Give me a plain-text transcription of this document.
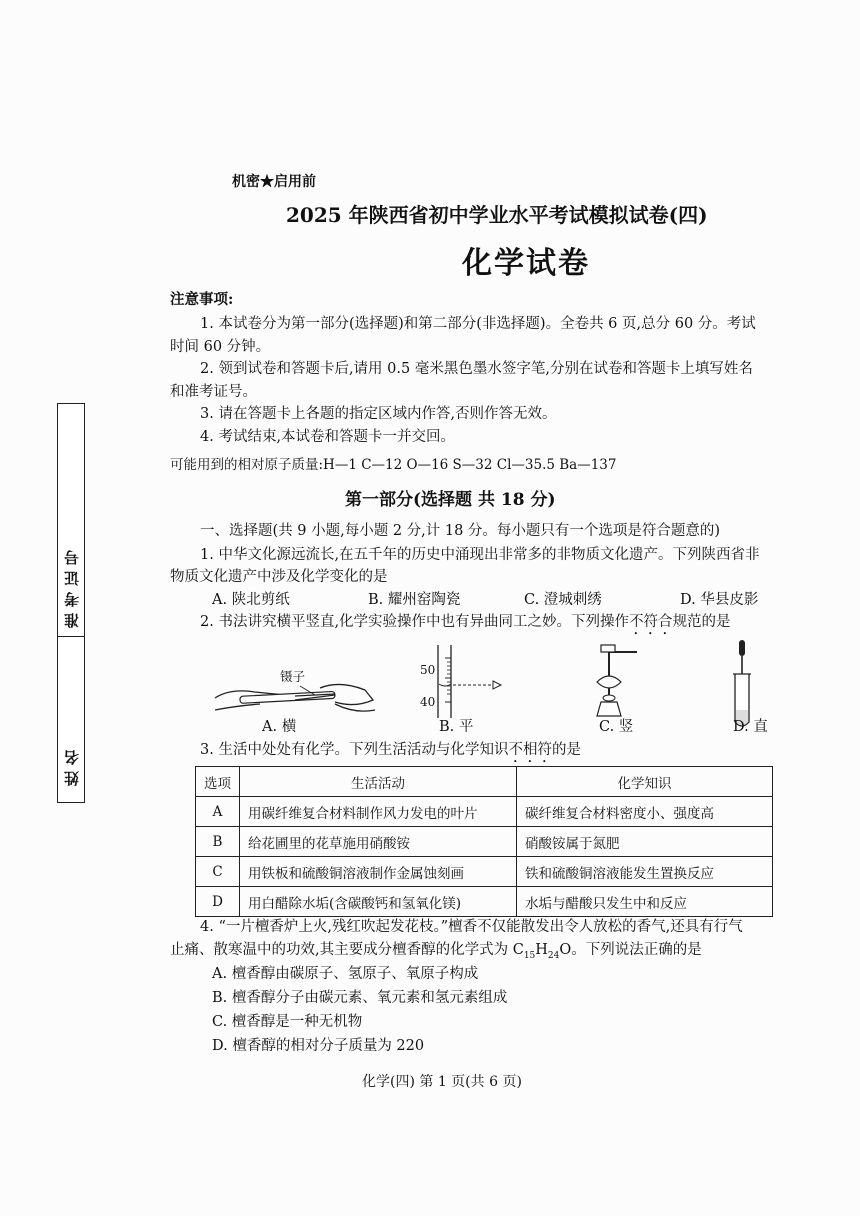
机密★启用前
2025 年陕西省初中学业水平考试模拟试卷(四)
化学试卷
注意事项:
1. 本试卷分为第一部分(选择题)和第二部分(非选择题)。全卷共 6 页,总分 60 分。考试
时间 60 分钟。
2. 领到试卷和答题卡后,请用 0.5 毫米黑色墨水签字笔,分别在试卷和答题卡上填写姓名
和准考证号。
3. 请在答题卡上各题的指定区域内作答,否则作答无效。
4. 考试结束,本试卷和答题卡一并交回。
可能用到的相对原子质量:H—1 C—12 O—16 S—32 Cl—35.5 Ba—137
准考证号
姓名
第一部分(选择题 共 18 分)
一、选择题(共 9 小题,每小题 2 分,计 18 分。每小题只有一个选项是符合题意的)
1. 中华文化源远流长,在五千年的历史中涌现出非常多的非物质文化遗产。下列陕西省非
物质文化遗产中涉及化学变化的是
A. 陕北剪纸	B. 耀州窑陶瓷	C. 澄城刺绣	D. 华县皮影
2. 书法讲究横平竖直,化学实验操作中也有异曲同工之妙。下列操作不符合规范的是
镊子	50
40
A. 横	B. 平	C. 竖	D. 直
3. 生活中处处有化学。下列生活活动与化学知识不相符的是
选项	生活活动	化学知识
A	用碳纤维复合材料制作风力发电的叶片	碳纤维复合材料密度小、强度高
B	给花圃里的花草施用硝酸铵	硝酸铵属于氮肥
C	用铁板和硫酸铜溶液制作金属蚀刻画	铁和硫酸铜溶液能发生置换反应
D	用白醋除水垢(含碳酸钙和氢氧化镁)	水垢与醋酸只发生中和反应
4. “一片檀香炉上火,残红吹起发花枝。”檀香不仅能散发出令人放松的香气,还具有行气
止痛、散寒温中的功效,其主要成分檀香醇的化学式为 $C_{15}H_{24}O$。下列说法正确的是
A. 檀香醇由碳原子、氢原子、氧原子构成
B. 檀香醇分子由碳元素、氧元素和氢元素组成
C. 檀香醇是一种无机物
D. 檀香醇的相对分子质量为 220
化学(四) 第 1 页(共 6 页)
